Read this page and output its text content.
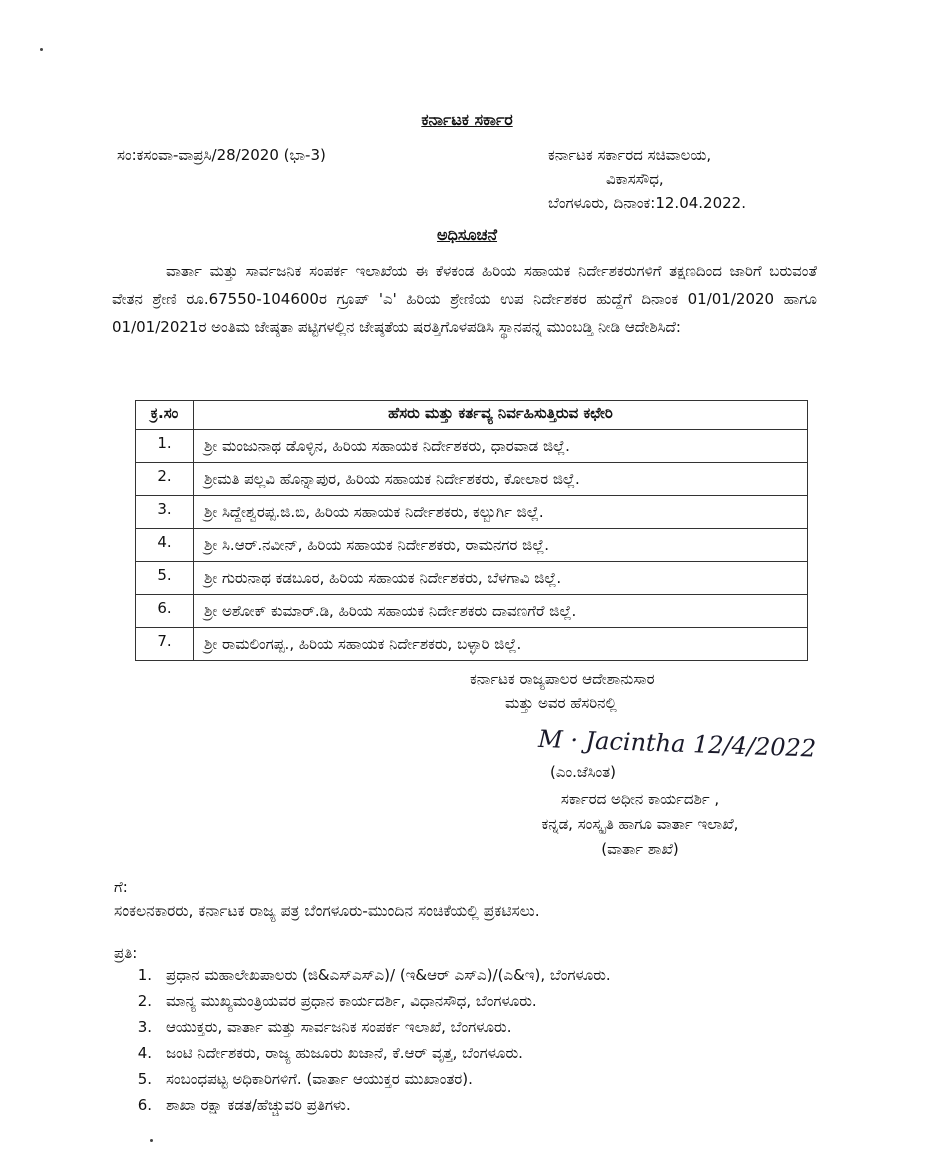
ಕರ್ನಾಟಕ ಸರ್ಕಾರ
ಸಂ:ಕಸಂವಾ-ವಾಪ್ರಸಿ/28/2020 (ಭಾ-3)	ಕರ್ನಾಟಕ ಸರ್ಕಾರದ ಸಚಿವಾಲಯ,
ವಿಕಾಸಸೌಧ,
ಬೆಂಗಳೂರು, ದಿನಾಂಕ:12.04.2022.
ಅಧಿಸೂಚನೆ
ವಾರ್ತಾ ಮತ್ತು ಸಾರ್ವಜನಿಕ ಸಂಪರ್ಕ ಇಲಾಖೆಯ ಈ ಕೆಳಕಂಡ ಹಿರಿಯ ಸಹಾಯಕ ನಿರ್ದೇಶಕರುಗಳಿಗೆ ತಕ್ಷಣದಿಂದ ಜಾರಿಗೆ ಬರುವಂತೆ ವೇತನ ಶ್ರೇಣಿ ರೂ.67550-104600ರ ಗ್ರೂಪ್ 'ಎ' ಹಿರಿಯ ಶ್ರೇಣಿಯ ಉಪ ನಿರ್ದೇಶಕರ ಹುದ್ದೆಗೆ ದಿನಾಂಕ 01/01/2020 ಹಾಗೂ 01/01/2021ರ ಅಂತಿಮ ಜೇಷ್ಠತಾ ಪಟ್ಟಿಗಳಲ್ಲಿನ ಜೇಷ್ಠತೆಯ ಷರತ್ತಿಗೊಳಪಡಿಸಿ ಸ್ಥಾನಪನ್ನ ಮುಂಬಡ್ತಿ ನೀಡಿ ಆದೇಶಿಸಿದೆ:
ಕ್ರ.ಸಂ	ಹೆಸರು ಮತ್ತು ಕರ್ತವ್ಯ ನಿರ್ವಹಿಸುತ್ತಿರುವ ಕಛೇರಿ
1.	ಶ್ರೀ ಮಂಜುನಾಥ ಡೊಳ್ಳಿನ, ಹಿರಿಯ ಸಹಾಯಕ ನಿರ್ದೇಶಕರು, ಧಾರವಾಡ ಜಿಲ್ಲೆ.
2.	ಶ್ರೀಮತಿ ಪಲ್ಲವಿ ಹೊನ್ನಾಪುರ, ಹಿರಿಯ ಸಹಾಯಕ ನಿರ್ದೇಶಕರು, ಕೋಲಾರ ಜಿಲ್ಲೆ.
3.	ಶ್ರೀ ಸಿದ್ದೇಶ್ವರಪ್ಪ.ಜಿ.ಬಿ, ಹಿರಿಯ ಸಹಾಯಕ ನಿರ್ದೇಶಕರು, ಕಲ್ಬುರ್ಗಿ ಜಿಲ್ಲೆ.
4.	ಶ್ರೀ ಸಿ.ಆರ್.ನವೀನ್, ಹಿರಿಯ ಸಹಾಯಕ ನಿರ್ದೇಶಕರು, ರಾಮನಗರ ಜಿಲ್ಲೆ.
5.	ಶ್ರೀ ಗುರುನಾಥ ಕಡಬೂರ, ಹಿರಿಯ ಸಹಾಯಕ ನಿರ್ದೇಶಕರು, ಬೆಳಗಾವಿ ಜಿಲ್ಲೆ.
6.	ಶ್ರೀ ಅಶೋಕ್ ಕುಮಾರ್.ಡಿ, ಹಿರಿಯ ಸಹಾಯಕ ನಿರ್ದೇಶಕರು ದಾವಣಗೆರೆ ಜಿಲ್ಲೆ.
7.	ಶ್ರೀ ರಾಮಲಿಂಗಪ್ಪ., ಹಿರಿಯ ಸಹಾಯಕ ನಿರ್ದೇಶಕರು, ಬಳ್ಳಾರಿ ಜಿಲ್ಲೆ.
ಕರ್ನಾಟಕ ರಾಜ್ಯಪಾಲರ ಆದೇಶಾನುಸಾರ
ಮತ್ತು ಅವರ ಹೆಸರಿನಲ್ಲಿ
M · Jacintha 12/4/2022
(ಎಂ.ಜೆಸಿಂತ)
ಸರ್ಕಾರದ ಅಧೀನ ಕಾರ್ಯದರ್ಶಿ ,
ಕನ್ನಡ, ಸಂಸ್ಕೃತಿ ಹಾಗೂ ವಾರ್ತಾ ಇಲಾಖೆ,
(ವಾರ್ತಾ ಶಾಖೆ)
ಗೆ:
ಸಂಕಲನಕಾರರು, ಕರ್ನಾಟಕ ರಾಜ್ಯ ಪತ್ರ ಬೆಂಗಳೂರು-ಮುಂದಿನ ಸಂಚಿಕೆಯಲ್ಲಿ ಪ್ರಕಟಿಸಲು.
ಪ್ರತಿ:
1. ಪ್ರಧಾನ ಮಹಾಲೇಖಪಾಲರು (ಜಿ&ಎಸ್ಎಸ್ಎ)/ (ಇ&ಆರ್ ಎಸ್ಎ)/(ಎ&ಇ), ಬೆಂಗಳೂರು.
2. ಮಾನ್ಯ ಮುಖ್ಯಮಂತ್ರಿಯವರ ಪ್ರಧಾನ ಕಾರ್ಯದರ್ಶಿ, ವಿಧಾನಸೌಧ, ಬೆಂಗಳೂರು.
3. ಆಯುಕ್ತರು, ವಾರ್ತಾ ಮತ್ತು ಸಾರ್ವಜನಿಕ ಸಂಪರ್ಕ ಇಲಾಖೆ, ಬೆಂಗಳೂರು.
4. ಜಂಟಿ ನಿರ್ದೇಶಕರು, ರಾಜ್ಯ ಹುಜೂರು ಖಜಾನೆ, ಕೆ.ಆರ್ ವೃತ್ತ, ಬೆಂಗಳೂರು.
5. ಸಂಬಂಧಪಟ್ಟ ಅಧಿಕಾರಿಗಳಿಗೆ. (ವಾರ್ತಾ ಆಯುಕ್ತರ ಮುಖಾಂತರ).
6. ಶಾಖಾ ರಕ್ಷಾ ಕಡತ/ಹೆಚ್ಚುವರಿ ಪ್ರತಿಗಳು.
